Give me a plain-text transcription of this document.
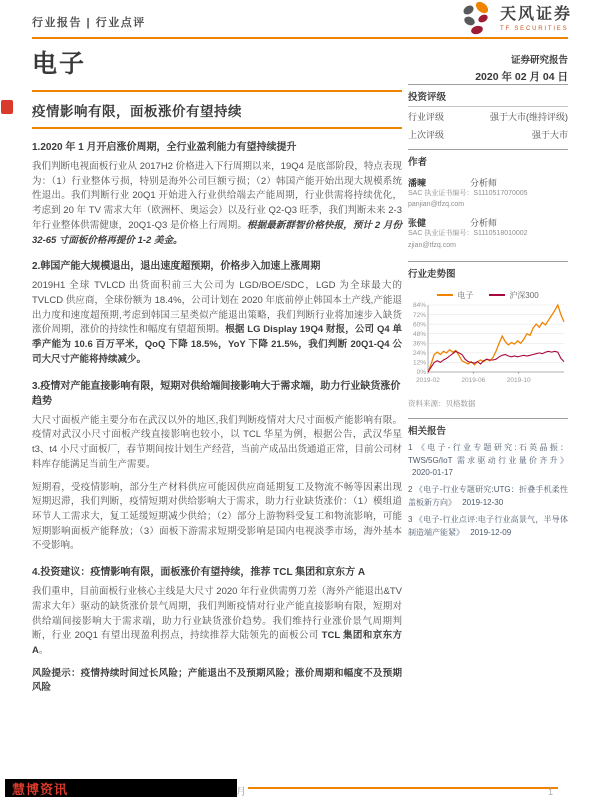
行业报告 | 行业点评	天风证券
TF SECURITIES
电子	证券研究报告
2020 年 02 月 04 日
疫情影响有限，面板涨价有望持续
1.2020 年 1 月开启涨价周期，全行业盈利能力有望持续提升

我们判断电视面板行业从 2017H2 价格进入下行周期以来，19Q4 是底部阶段，特点表现为：（1）行业整体亏损，特别是海外公司巨额亏损；（2）韩国产能开始出现大规模系统性退出。我们判断行业 20Q1 开始进入行业供给端去产能周期，行业供需将持续优化，考虑到 20 年 TV 需求大年（欧洲杯、奥运会）以及行业 Q2-Q3 旺季，我们判断未来 2-3 年行业整体供需健康，20Q1-Q3 是价格上行周期。根据最新群智价格快报，预计 2 月份 32-65 寸面板价格再提价 1-2 美金。

2.韩国产能大规模退出，退出速度超预期，价格步入加速上涨周期

2019H1 全球 TVLCD 出货面积前三大公司为 LGD/BOE/SDC，LGD 为全球最大的 TVLCD 供应商，全球份额为 18.4%，公司计划在 2020 年底前停止韩国本土产线,产能退出力度和速度超预期,考虑到韩国三星类似产能退出策略，我们判断行业将加速步入缺货涨价周期，涨价的持续性和幅度有望超预期。根据 LG Display 19Q4 财报，公司 Q4 单季产能为 10.6 百万平米，QoQ 下降 18.5%，YoY 下降 21.5%，我们判断 20Q1-Q4 公司大尺寸产能将持续减少。

3.疫情对产能直接影响有限，短期对供给端间接影响大于需求端，助力行业缺货涨价趋势

大尺寸面板产能主要分布在武汉以外的地区,我们判断疫情对大尺寸面板产能影响有限。疫情对武汉小尺寸面板产线直接影响也较小，以 TCL 华星为例，根据公告，武汉华星 t3、t4 小尺寸面板厂，春节期间按计划生产经营，当前产成品出货通道正常，目前公司材料库存能满足当前生产需要。

短期看，受疫情影响，部分生产材料供应可能因供应商延期复工及物流不畅等因素出现短期迟滞，我们判断，疫情短期对供给影响大于需求，助力行业缺货涨价：（1）模组道环节人工需求大，复工延缓短期减少供给；（2）部分上游物料受复工和物流影响，可能短期影响面板产能释放；（3）面板下游需求短期受影响是国内电视淡季市场，海外基本不受影响。

4.投资建议：疫情影响有限，面板涨价有望持续，推荐 TCL 集团和京东方 A

我们重申，目前面板行业核心主线是大尺寸 2020 年行业供需剪刀差（海外产能退出&TV 需求大年）驱动的缺货涨价景气周期，我们判断疫情对行业产能直接影响有限，短期对供给端间接影响大于需求端，助力行业缺货涨价趋势。我们维持行业涨价景气周期判断，行业 20Q1 有望出现盈利拐点，持续推荐大陆领先的面板公司 TCL 集团和京东方 A。

风险提示：疫情持续时间过长风险；产能退出不及预期风险；涨价周期和幅度不及预期风险

投资评级
行业评级	强于大市(维持评级)
上次评级	强于大市
作者
潘暕	分析师
SAC 执业证书编号：S1110517070005
panjian@tfzq.com
张健	分析师
SAC 执业证书编号：S1110518010002
zjian@tfzq.com
行业走势图
电子	沪深300
0%
12%
24%
36%
48%
60%
72%
84%
2019-02	2019-06	2019-10
资料来源：贝格数据
相关报告
1 《电子-行业专题研究:石英晶振：TWS/5G/IoT 需求驱动行业量价齐升》 2020-01-17
2 《电子-行业专题研究:UTG：折叠手机柔性盖板新方向》 2019-12-30
3 《电子-行业点评:电子行业高景气，半导体制造端产能紧》 2019-12-09
慧博资讯	月	1
